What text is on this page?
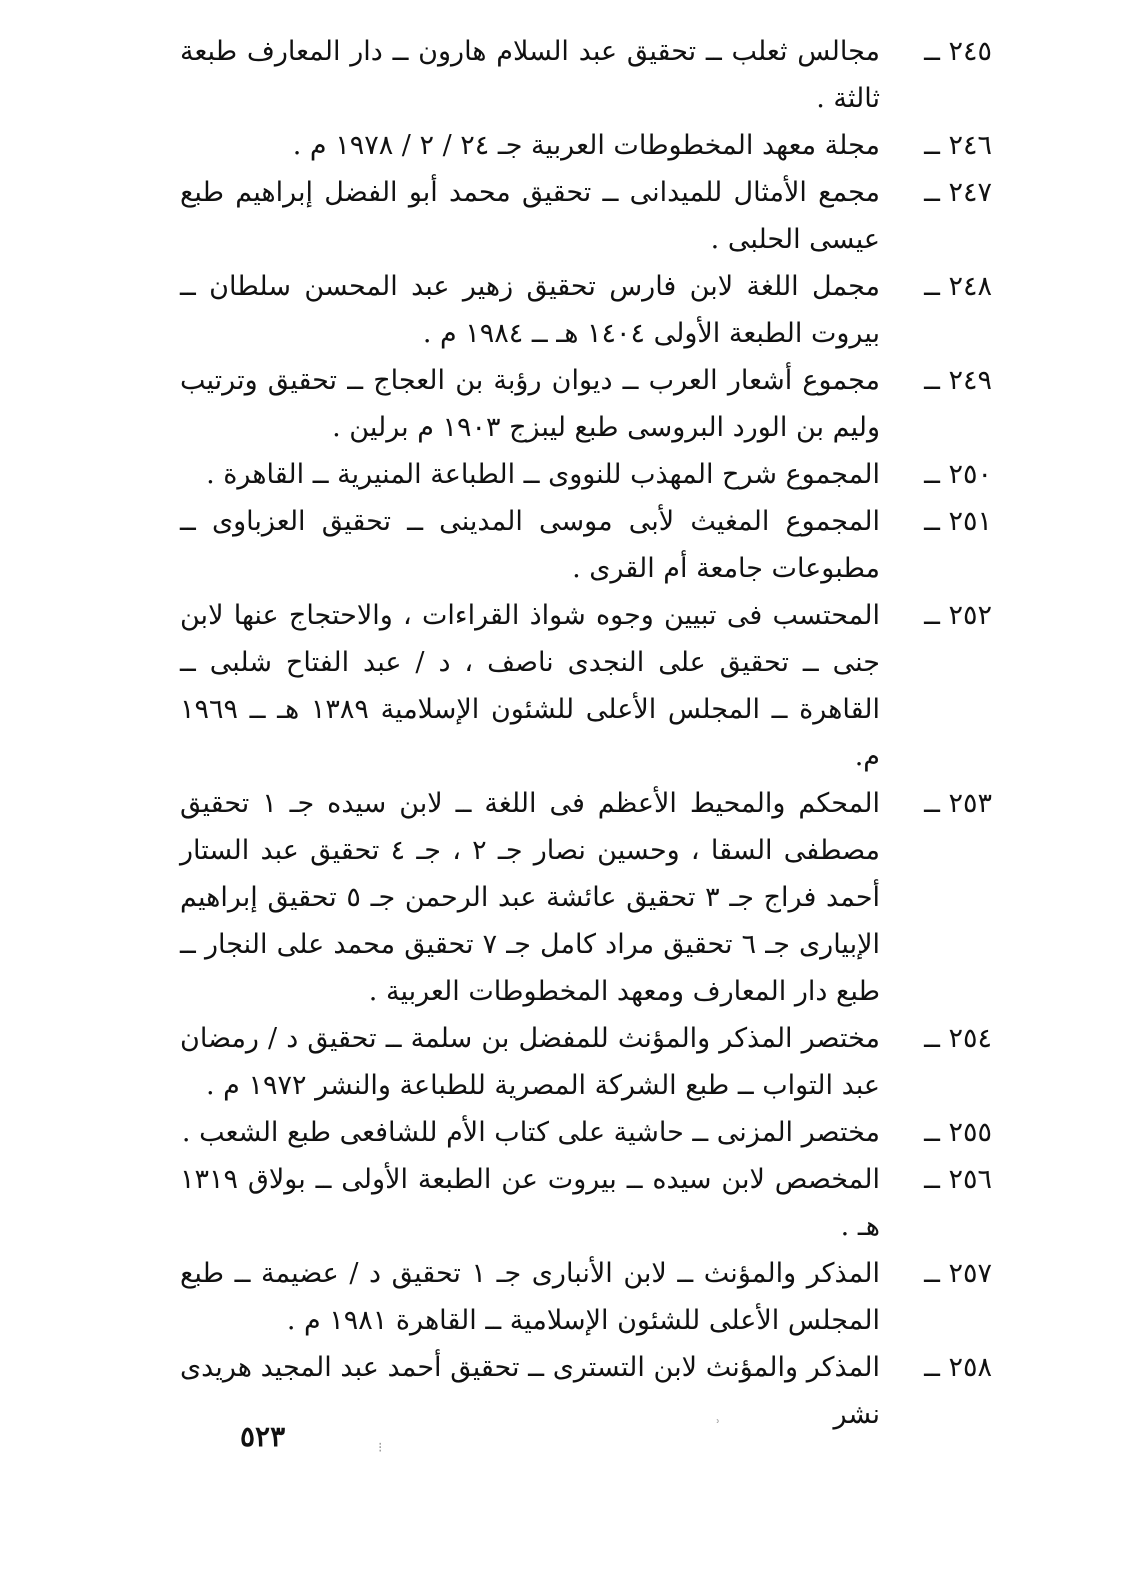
٢٤٥ ــ
مجالس ثعلب ــ تحقيق عبد السلام هارون ــ دار المعارف طبعة ثالثة .
٢٤٦ ــ
مجلة معهد المخطوطات العربية جـ ٢٤ / ٢ / ١٩٧٨ م .
٢٤٧ ــ
مجمع الأمثال للميدانى ــ تحقيق محمد أبو الفضل إبراهيم طبع عيسى الحلبى .
٢٤٨ ــ
مجمل اللغة لابن فارس تحقيق زهير عبد المحسن سلطان ــ بيروت الطبعة الأولى ١٤٠٤ هـ ــ ١٩٨٤ م .
٢٤٩ ــ
مجموع أشعار العرب ــ ديوان رؤبة بن العجاج ــ تحقيق وترتيب وليم بن الورد البروسى طبع ليبزج ١٩٠٣ م برلين .
٢٥٠ ــ
المجموع شرح المهذب للنووى ــ الطباعة المنيرية ــ القاهرة .
٢٥١ ــ
المجموع المغيث لأبى موسى المدينى ــ تحقيق العزباوى ــ مطبوعات جامعة أم القرى .
٢٥٢ ــ
المحتسب فى تبيين وجوه شواذ القراءات ، والاحتجاج عنها لابن جنى ــ تحقيق على النجدى ناصف ، د / عبد الفتاح شلبى ــ القاهرة ــ المجلس الأعلى للشئون الإسلامية ١٣٨٩ هـ ــ ١٩٦٩ م.
٢٥٣ ــ
المحكم والمحيط الأعظم فى اللغة ــ لابن سيده جـ ١ تحقيق مصطفى السقا ، وحسين نصار جـ ٢ ، جـ ٤ تحقيق عبد الستار أحمد فراج جـ ٣ تحقيق عائشة عبد الرحمن جـ ٥ تحقيق إبراهيم الإبيارى جـ ٦ تحقيق مراد كامل جـ ٧ تحقيق محمد على النجار ــ طبع دار المعارف ومعهد المخطوطات العربية .
٢٥٤ ــ
مختصر المذكر والمؤنث للمفضل بن سلمة ــ تحقيق د / رمضان عبد التواب ــ طبع الشركة المصرية للطباعة والنشر ١٩٧٢ م .
٢٥٥ ــ
مختصر المزنى ــ حاشية على كتاب الأم للشافعى طبع الشعب .
٢٥٦ ــ
المخصص لابن سيده ــ بيروت عن الطبعة الأولى ــ بولاق ١٣١٩ هـ .
٢٥٧ ــ
المذكر والمؤنث ــ لابن الأنبارى جـ ١ تحقيق د / عضيمة ــ طبع المجلس الأعلى للشئون الإسلامية ــ القاهرة ١٩٨١ م .
٢٥٨ ــ
المذكر والمؤنث لابن التسترى ــ تحقيق أحمد عبد المجيد هريدى نشر
٥٢٣	⁝
ʾ
